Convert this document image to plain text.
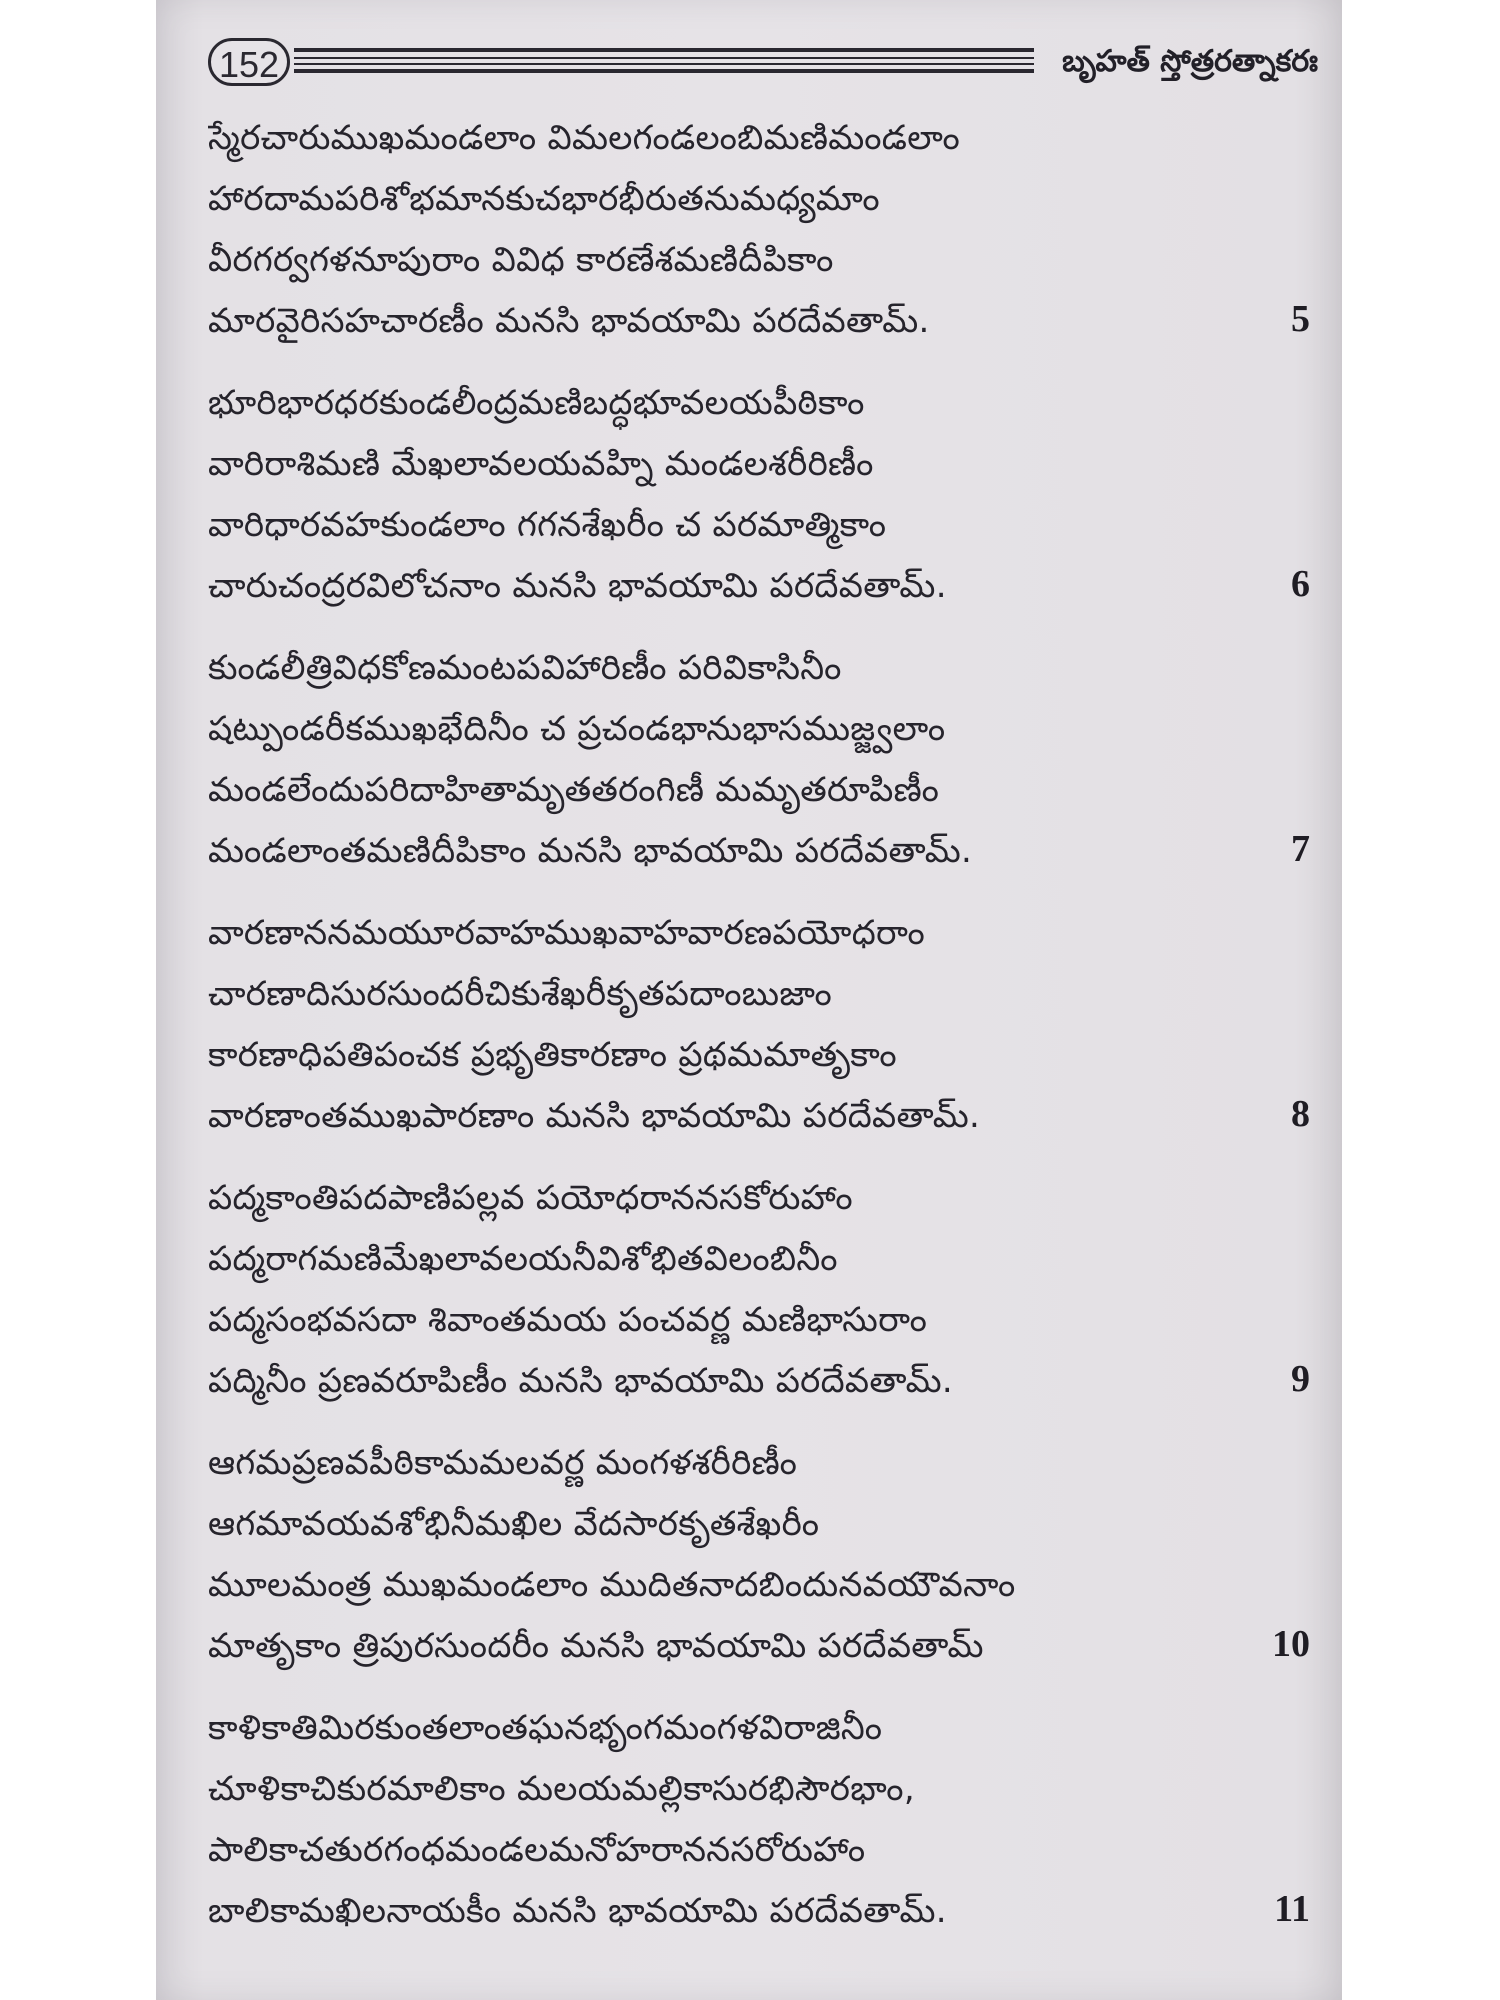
152	బృహత్ స్తోత్రరత్నాకరః
స్మేరచారుముఖమండలాం విమలగండలంబిమణిమండలాం
హారదామపరిశోభమానకుచభారభీరుతనుమధ్యమాం
వీరగర్వగళనూపురాం వివిధ కారణేశమణిదీపికాం
మారవైరిసహచారణీం మనసి భావయామి పరదేవతామ్.	5
భూరిభారధరకుండలీంద్రమణిబద్ధభూవలయపీఠికాం
వారిరాశిమణి మేఖలావలయవహ్ని మండలశరీరిణీం
వారిధారవహకుండలాం గగనశేఖరీం చ పరమాత్మికాం
చారుచంద్రరవిలోచనాం మనసి భావయామి పరదేవతామ్.	6
కుండలీత్రివిధకోణమంటపవిహారిణీం పరివికాసినీం
షట్పుండరీకముఖభేదినీం చ ప్రచండభానుభాసముజ్జ్వలాం
మండలేందుపరిదాహితామృతతరంగిణీ మమృతరూపిణీం
మండలాంతమణిదీపికాం మనసి భావయామి పరదేవతామ్.	7
వారణాననమయూరవాహముఖవాహవారణపయోధరాం
చారణాదిసురసుందరీచికుశేఖరీకృతపదాంబుజాం
కారణాధిపతిపంచక ప్రభృతికారణాం ప్రథమమాతృకాం
వారణాంతముఖపారణాం మనసి భావయామి పరదేవతామ్.	8
పద్మకాంతిపదపాణిపల్లవ పయోధరాననసకోరుహాం
పద్మరాగమణిమేఖలావలయనీవిశోభితవిలంబినీం
పద్మసంభవసదా శివాంతమయ పంచవర్ణ మణిభాసురాం
పద్మినీం ప్రణవరూపిణీం మనసి భావయామి పరదేవతామ్.	9
ఆగమప్రణవపీఠికామమలవర్ణ మంగళశరీరిణీం
ఆగమావయవశోభినీమఖిల వేదసారకృతశేఖరీం
మూలమంత్ర ముఖమండలాం ముదితనాదబిందునవయౌవనాం
మాతృకాం త్రిపురసుందరీం మనసి భావయామి పరదేవతామ్	10
కాళికాతిమిరకుంతలాంతఘనభృంగమంగళవిరాజినీం
చూళికాచికురమాలికాం మలయమల్లికాసురభిసౌరభాం,
పాలికాచతురగంధమండలమనోహరాననసరోరుహాం
బాలికామఖిలనాయకీం మనసి భావయామి పరదేవతామ్.	11
